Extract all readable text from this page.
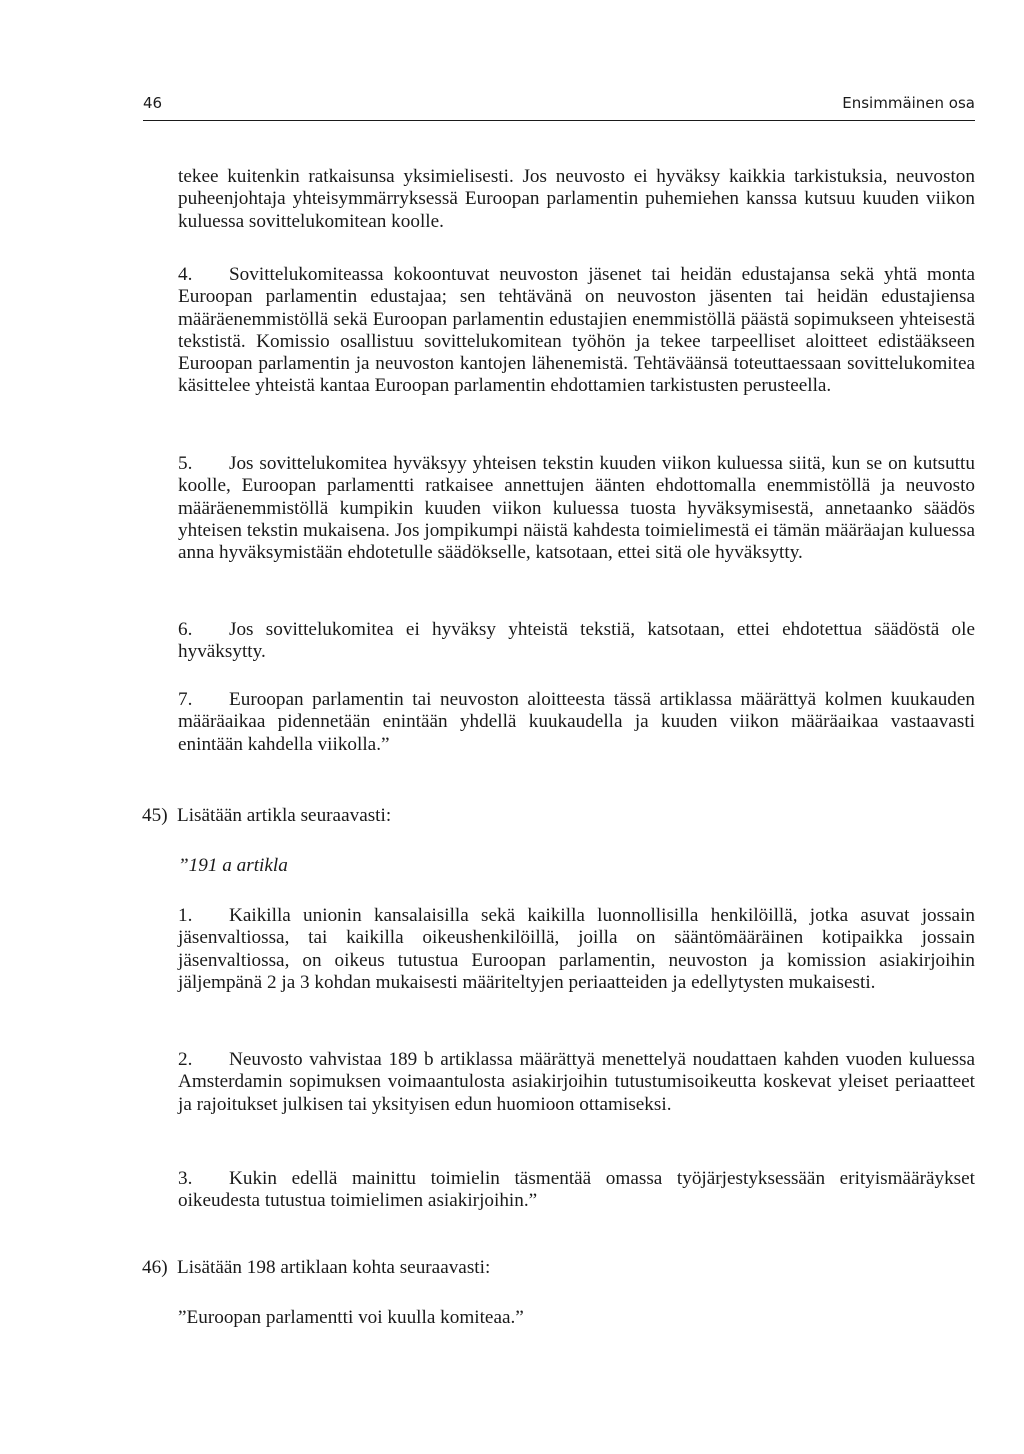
46	Ensimmäinen osa

tekee kuitenkin ratkaisunsa yksimielisesti. Jos neuvosto ei hyväksy kaikkia tarkistuksia, neuvoston puheenjohtaja yhteisymmärryksessä Euroopan parlamentin puhemiehen kanssa kutsuu kuuden viikon kuluessa sovittelukomitean koolle.

4. Sovittelukomiteassa kokoontuvat neuvoston jäsenet tai heidän edustajansa sekä yhtä monta Euroopan parlamentin edustajaa; sen tehtävänä on neuvoston jäsenten tai heidän edustajiensa määräenemmistöllä sekä Euroopan parlamentin edustajien enemmistöllä päästä sopimukseen yhteisestä tekstistä. Komissio osallistuu sovittelukomitean työhön ja tekee tarpeelliset aloitteet edistääkseen Euroopan parlamentin ja neuvoston kantojen lähenemistä. Tehtäväänsä toteuttaessaan sovittelukomitea käsittelee yhteistä kantaa Euroopan parlamentin ehdottamien tarkistusten perusteella.

5. Jos sovittelukomitea hyväksyy yhteisen tekstin kuuden viikon kuluessa siitä, kun se on kutsuttu koolle, Euroopan parlamentti ratkaisee annettujen äänten ehdottomalla enemmistöllä ja neuvosto määräenemmistöllä kumpikin kuuden viikon kuluessa tuosta hyväksymisestä, annetaanko säädös yhteisen tekstin mukaisena. Jos jompikumpi näistä kahdesta toimielimestä ei tämän määräajan kuluessa anna hyväksymistään ehdotetulle säädökselle, katsotaan, ettei sitä ole hyväksytty.

6. Jos sovittelukomitea ei hyväksy yhteistä tekstiä, katsotaan, ettei ehdotettua säädöstä ole hyväksytty.

7. Euroopan parlamentin tai neuvoston aloitteesta tässä artiklassa määrättyä kolmen kuukauden määräaikaa pidennetään enintään yhdellä kuukaudella ja kuuden viikon määräaikaa vastaavasti enintään kahdella viikolla.”

45) Lisätään artikla seuraavasti:

”191 a artikla

1. Kaikilla unionin kansalaisilla sekä kaikilla luonnollisilla henkilöillä, jotka asuvat jossain jäsenvaltiossa, tai kaikilla oikeushenkilöillä, joilla on sääntömääräinen kotipaikka jossain jäsenvaltiossa, on oikeus tutustua Euroopan parlamentin, neuvoston ja komission asiakirjoihin jäljempänä 2 ja 3 kohdan mukaisesti määriteltyjen periaatteiden ja edellytysten mukaisesti.

2. Neuvosto vahvistaa 189 b artiklassa määrättyä menettelyä noudattaen kahden vuoden kuluessa Amsterdamin sopimuksen voimaantulosta asiakirjoihin tutustumisoikeutta koskevat yleiset periaatteet ja rajoitukset julkisen tai yksityisen edun huomioon ottamiseksi.

3. Kukin edellä mainittu toimielin täsmentää omassa työjärjestyksessään erityismääräykset oikeudesta tutustua toimielimen asiakirjoihin.”

46) Lisätään 198 artiklaan kohta seuraavasti:

”Euroopan parlamentti voi kuulla komiteaa.”
